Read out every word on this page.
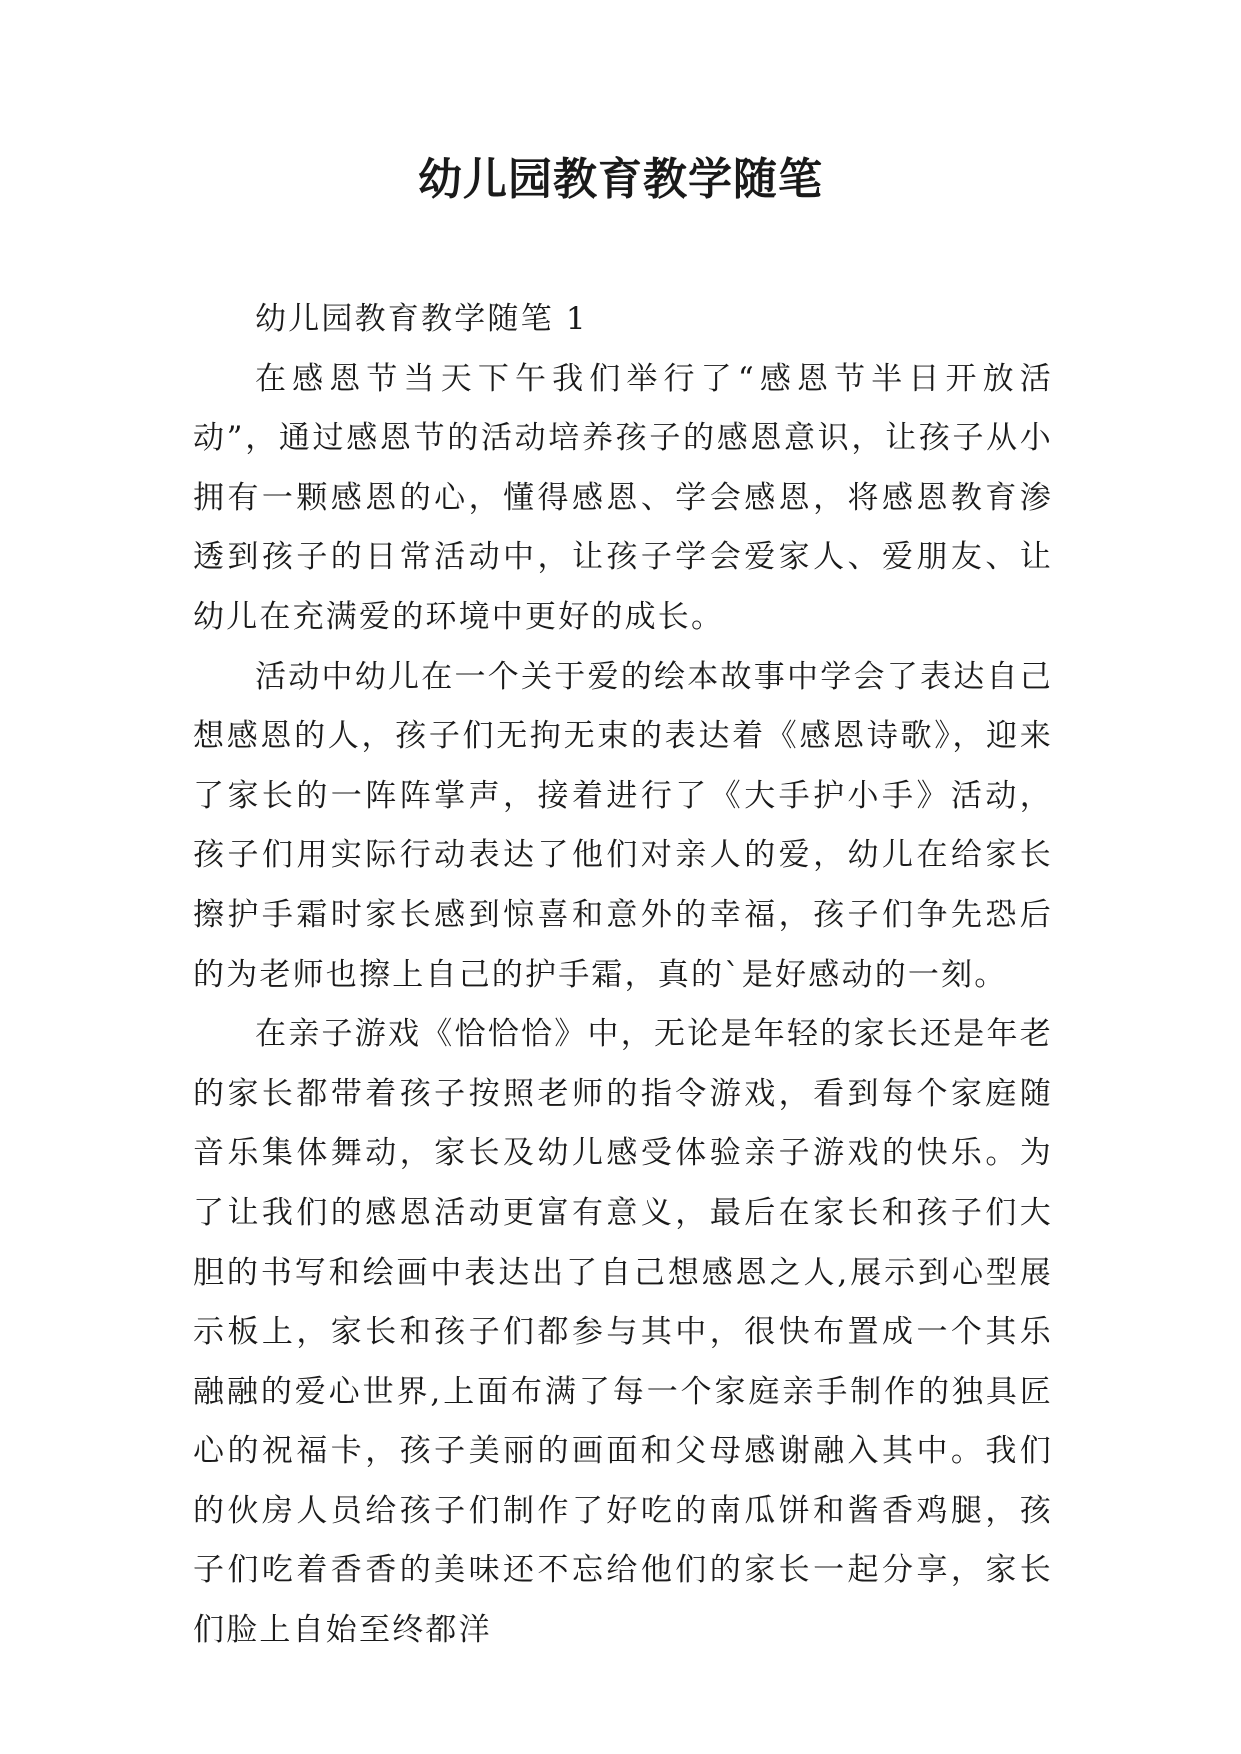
幼儿园教育教学随笔

幼儿园教育教学随笔 1

在感恩节当天下午我们举行了“感恩节半日开放活动”，通过感恩节的活动培养孩子的感恩意识，让孩子从小拥有一颗感恩的心，懂得感恩、学会感恩，将感恩教育渗透到孩子的日常活动中，让孩子学会爱家人、爱朋友、让幼儿在充满爱的环境中更好的成长。

活动中幼儿在一个关于爱的绘本故事中学会了表达自己想感恩的人，孩子们无拘无束的表达着《感恩诗歌》，迎来了家长的一阵阵掌声，接着进行了《大手护小手》活动，孩子们用实际行动表达了他们对亲人的爱，幼儿在给家长擦护手霜时家长感到惊喜和意外的幸福，孩子们争先恐后的为老师也擦上自己的护手霜，真的`是好感动的一刻。

在亲子游戏《恰恰恰》中，无论是年轻的家长还是年老的家长都带着孩子按照老师的指令游戏，看到每个家庭随音乐集体舞动，家长及幼儿感受体验亲子游戏的快乐。为了让我们的感恩活动更富有意义，最后在家长和孩子们大胆的书写和绘画中表达出了自己想感恩之人,展示到心型展示板上，家长和孩子们都参与其中，很快布置成一个其乐融融的爱心世界,上面布满了每一个家庭亲手制作的独具匠心的祝福卡，孩子美丽的画面和父母感谢融入其中。我们的伙房人员给孩子们制作了好吃的南瓜饼和酱香鸡腿，孩子们吃着香香的美味还不忘给他们的家长一起分享，家长们脸上自始至终都洋
